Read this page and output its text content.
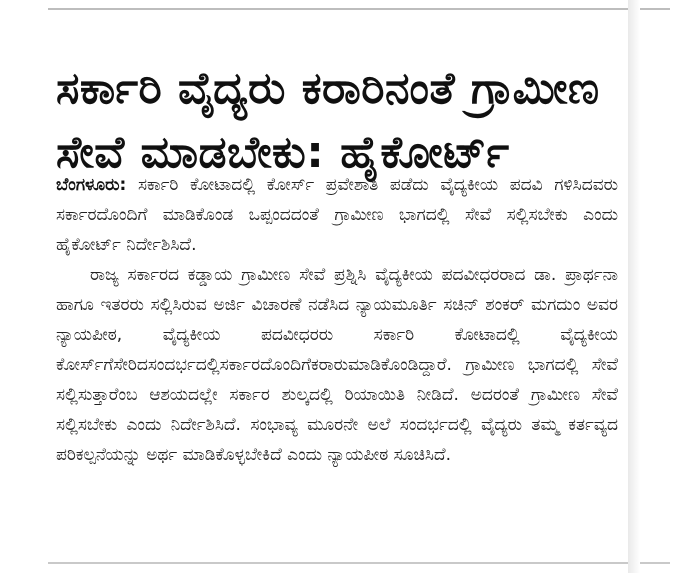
ಸರ್ಕಾರಿ ವೈದ್ಯರು ಕರಾರಿನಂತೆ ಗ್ರಾಮೀಣ
ಸೇವೆ ಮಾಡಬೇಕು: ಹೈಕೋರ್ಟ್

ಬೆಂಗಳೂರು: ಸರ್ಕಾರಿ ಕೋಟಾದಲ್ಲಿ ಕೋರ್ಸ್ ಪ್ರವೇಶಾತಿ ಪಡೆದು ವೈದ್ಯಕೀಯ ಪದವಿ ಗಳಿಸಿದವರು ಸರ್ಕಾರದೊಂದಿಗೆ ಮಾಡಿಕೊಂಡ ಒಪ್ಪಂದದಂತೆ ಗ್ರಾಮೀಣ ಭಾಗದಲ್ಲಿ ಸೇವೆ ಸಲ್ಲಿಸಬೇಕು ಎಂದು ಹೈಕೋರ್ಟ್ ನಿರ್ದೇಶಿಸಿದೆ.

ರಾಜ್ಯ ಸರ್ಕಾರದ ಕಡ್ಡಾಯ ಗ್ರಾಮೀಣ ಸೇವೆ ಪ್ರಶ್ನಿಸಿ ವೈದ್ಯಕೀಯ ಪದವೀಧರರಾದ ಡಾ. ಪ್ರಾರ್ಥನಾ ಹಾಗೂ ಇತರರು ಸಲ್ಲಿಸಿರುವ ಅರ್ಜಿ ವಿಚಾರಣೆ ನಡೆಸಿದ ನ್ಯಾಯಮೂರ್ತಿ ಸಚಿನ್ ಶಂಕರ್ ಮಗದುಂ ಅವರ ನ್ಯಾಯಪೀಠ, ವೈದ್ಯಕೀಯ ಪದವೀಧರರು ಸರ್ಕಾರಿ ಕೋಟಾದಲ್ಲಿ ವೈದ್ಯಕೀಯ ಕೋರ್ಸ್‌ಗೆಸೇರಿದಸಂದರ್ಭದಲ್ಲಿಸರ್ಕಾರದೊಂದಿಗೆಕರಾರುಮಾಡಿಕೊಂಡಿದ್ದಾರೆ. ಗ್ರಾಮೀಣ ಭಾಗದಲ್ಲಿ ಸೇವೆ ಸಲ್ಲಿಸುತ್ತಾರೆಂಬ ಆಶಯದಲ್ಲೇ ಸರ್ಕಾರ ಶುಲ್ಕದಲ್ಲಿ ರಿಯಾಯಿತಿ ನೀಡಿದೆ. ಅದರಂತೆ ಗ್ರಾಮೀಣ ಸೇವೆ ಸಲ್ಲಿಸಬೇಕು ಎಂದು ನಿರ್ದೇಶಿಸಿದೆ. ಸಂಭಾವ್ಯ ಮೂರನೇ ಅಲೆ ಸಂದರ್ಭದಲ್ಲಿ ವೈದ್ಯರು ತಮ್ಮ ಕರ್ತವ್ಯದ ಪರಿಕಲ್ಪನೆಯನ್ನು ಅರ್ಥ ಮಾಡಿಕೊಳ್ಳಬೇಕಿದೆ ಎಂದು ನ್ಯಾಯಪೀಠ ಸೂಚಿಸಿದೆ.
